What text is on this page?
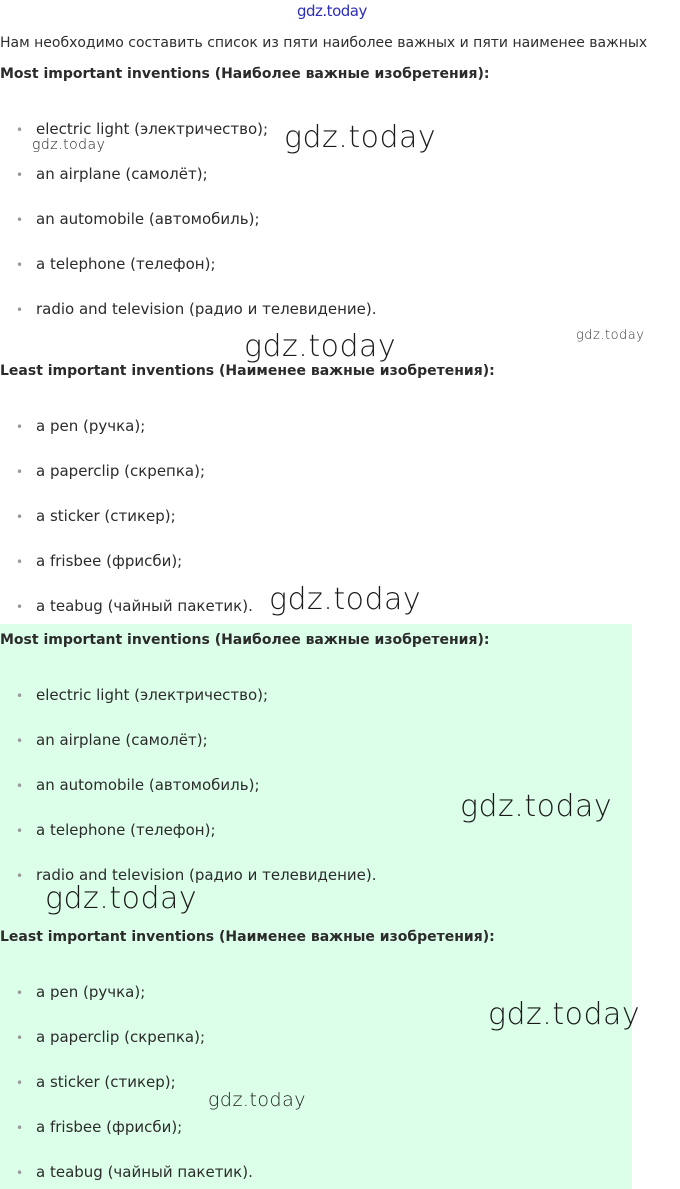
gdz.today
Нам необходимо составить список из пяти наиболее важных и пяти наименее важных
Most important inventions (Наиболее важные изобретения):
• electric light (электричество);
• an airplane (самолёт);
• an automobile (автомобиль);
• a telephone (телефон);
• radio and television (радио и телевидение).
Least important inventions (Наименее важные изобретения):
• a pen (ручка);
• a paperclip (скрепка);
• a sticker (стикер);
• a frisbee (фрисби);
• a teabug (чайный пакетик).
Most important inventions (Наиболее важные изобретения):
• electric light (электричество);
• an airplane (самолёт);
• an automobile (автомобиль);
• a telephone (телефон);
• radio and television (радио и телевидение).
Least important inventions (Наименее важные изобретения):
• a pen (ручка);
• a paperclip (скрепка);
• a sticker (стикер);
• a frisbee (фрисби);
• a teabug (чайный пакетик).
gdz.today	gdz.today
gdz.today
gdz.today
gdz.today
gdz.today
gdz.today
gdz.today
gdz.today
